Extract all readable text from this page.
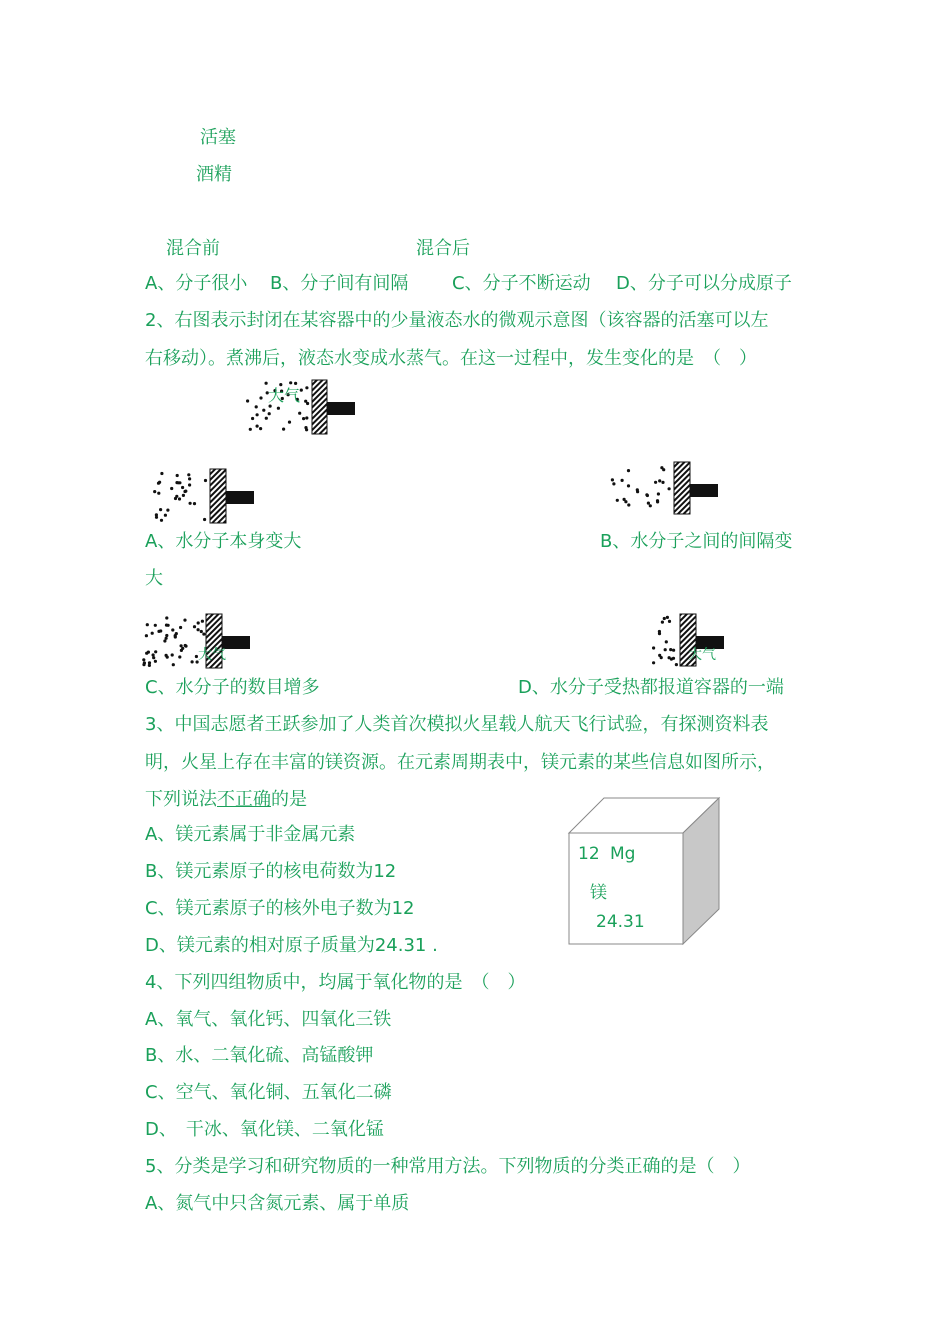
活塞
酒精
混合前	混合后
A、分子很小 B、分子间有间隔 C、分子不断运动 D、分子可以分成原子
2、右图表示封闭在某容器中的少量液态水的微观示意图（该容器的活塞可以左
右移动）。煮沸后，液态水变成水蒸气。在这一过程中，发生变化的是　（　）
大气
A、水分子本身变大	B、水分子之间的间隔变
大
大气	大气
C、水分子的数目增多	D、水分子受热都报道容器的一端
3、中国志愿者王跃参加了人类首次模拟火星载人航天飞行试验，有探测资料表
明，火星上存在丰富的镁资源。在元素周期表中，镁元素的某些信息如图所示，
下列说法不正确的是
A、镁元素属于非金属元素
B、镁元素原子的核电荷数为12
C、镁元素原子的核外电子数为12
D、镁元素的相对原子质量为24.31 .
12 Mg
镁
24.31
4、下列四组物质中，均属于氧化物的是　（　）
A、氧气、氧化钙、四氧化三铁
B、水、二氧化硫、高锰酸钾
C、空气、氧化铜、五氧化二磷
D、　干冰、氧化镁、二氧化锰
5、分类是学习和研究物质的一种常用方法。下列物质的分类正确的是（　）
A、氮气中只含氮元素、属于单质
